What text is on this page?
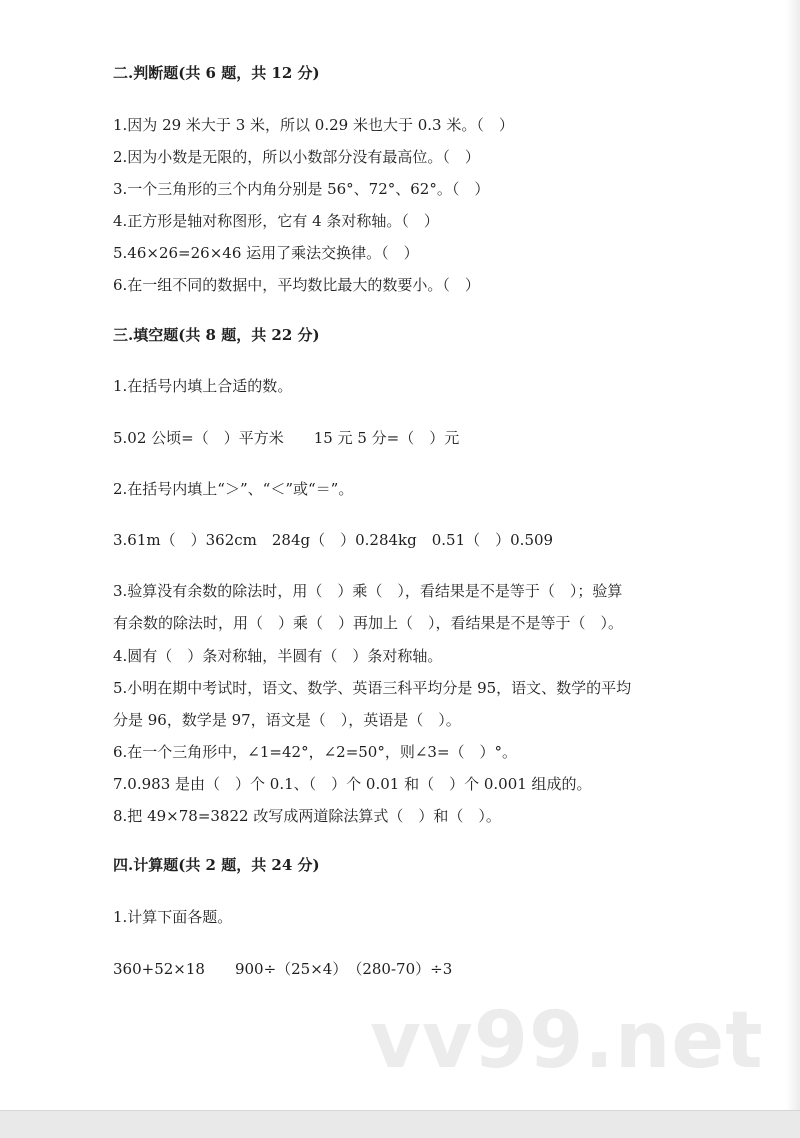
二.判断题(共 6 题，共 12 分)
1.因为 29 米大于 3 米，所以 0.29 米也大于 0.3 米。（　）
2.因为小数是无限的，所以小数部分没有最高位。（　）
3.一个三角形的三个内角分别是 56°、72°、62°。（　）
4.正方形是轴对称图形，它有 4 条对称轴。（　）
5.46×26=26×46 运用了乘法交换律。（　）
6.在一组不同的数据中，平均数比最大的数要小。（　）
三.填空题(共 8 题，共 22 分)
1.在括号内填上合适的数。
5.02 公顷=（　）平方米　　15 元 5 分=（　）元
2.在括号内填上“＞”、“＜”或“＝”。
3.61m（　）362cm　284g（　）0.284kg　0.51（　）0.509
3.验算没有余数的除法时，用（　）乘（　），看结果是不是等于（　）；验算
有余数的除法时，用（　）乘（　）再加上（　），看结果是不是等于（　）。
4.圆有（　）条对称轴，半圆有（　）条对称轴。
5.小明在期中考试时，语文、数学、英语三科平均分是 95，语文、数学的平均
分是 96，数学是 97，语文是（　），英语是（　）。
6.在一个三角形中，∠1=42°，∠2=50°，则∠3=（　）°。
7.0.983 是由（　）个 0.1、（　）个 0.01 和（　）个 0.001 组成的。
8.把 49×78=3822 改写成两道除法算式（　）和（　）。
四.计算题(共 2 题，共 24 分)
1.计算下面各题。
360+52×18　　900÷（25×4）　（280-70）÷3
vv99.net
